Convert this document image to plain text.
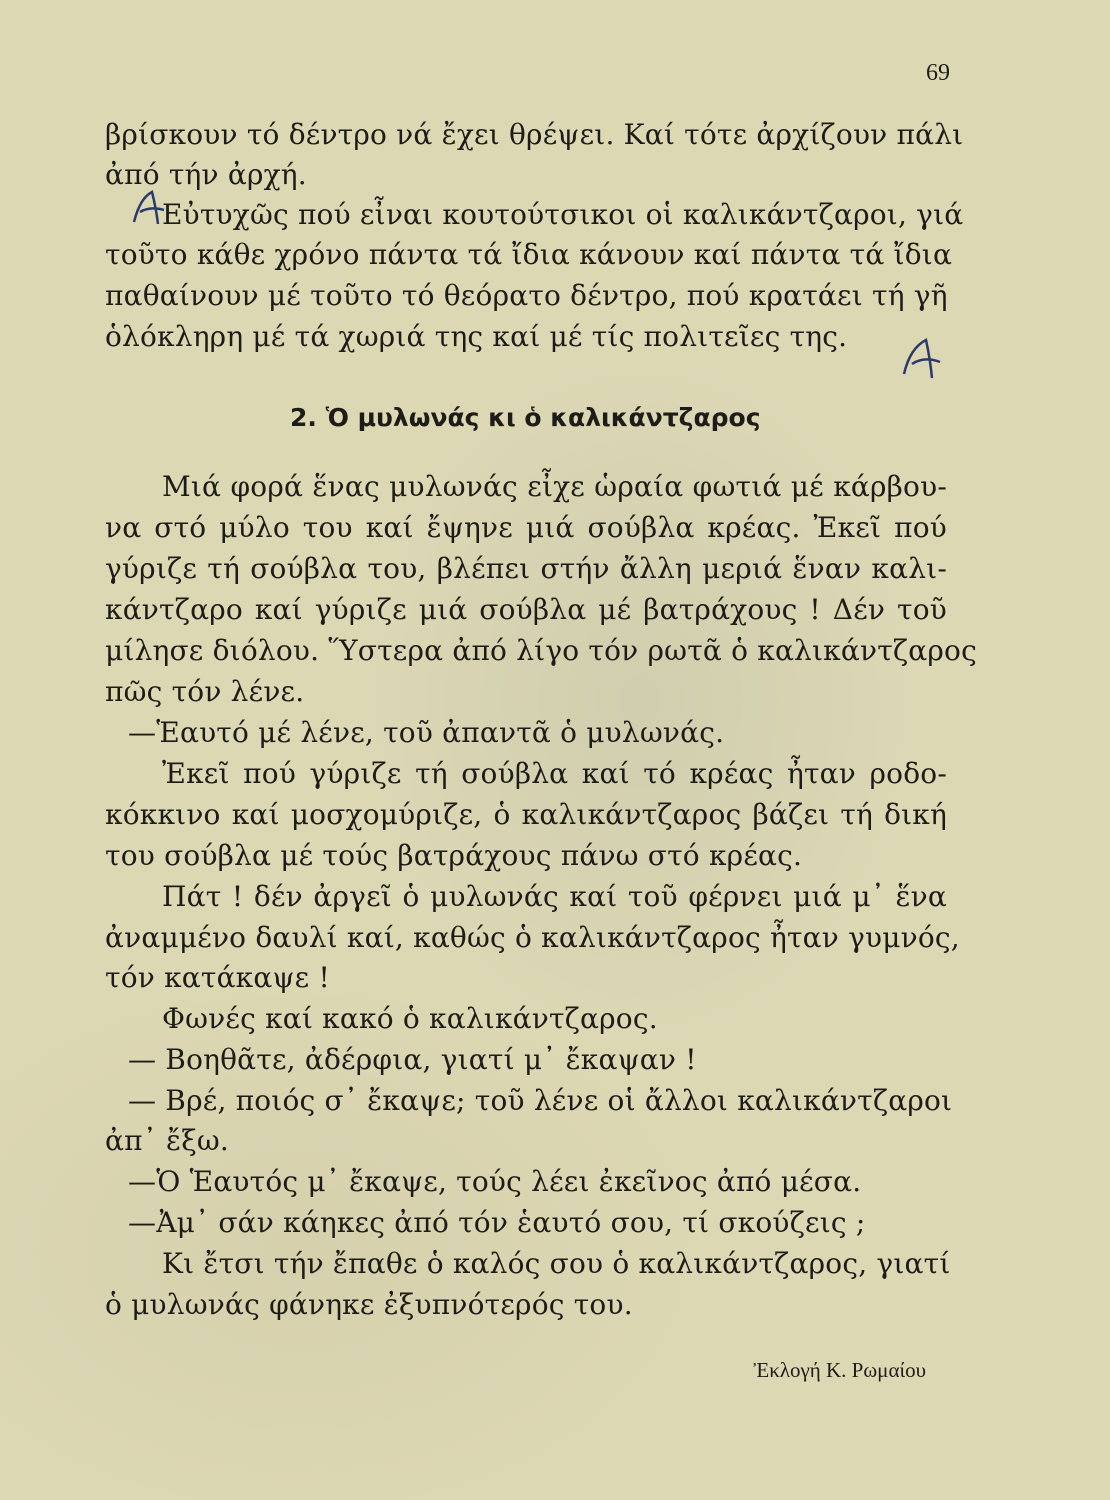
69
βρίσκουν τό δέντρο νά ἔχει θρέψει. Καί τότε ἀρχίζουν πάλι
ἀπό τήν ἀρχή.
Εὐτυχῶς πού εἶναι κουτούτσικοι οἱ καλικάντζαροι, γιά
τοῦτο κάθε χρόνο πάντα τά ἴδια κάνουν καί πάντα τά ἴδια
παθαίνουν μέ τοῦτο τό θεόρατο δέντρο, πού κρατάει τή γῆ
ὁλόκληρη μέ τά χωριά της καί μέ τίς πολιτεῖες της.
2. Ὁ μυλωνάς κι ὁ καλικάντζαρος
Μιά φορά ἕνας μυλωνάς εἶχε ὡραία φωτιά μέ κάρβου-
να στό μύλο του καί ἔψηνε μιά σούβλα κρέας. Ἐκεῖ πού
γύριζε τή σούβλα του, βλέπει στήν ἄλλη μεριά ἕναν καλι-
κάντζαρο καί γύριζε μιά σούβλα μέ βατράχους ! Δέν τοῦ
μίλησε διόλου. Ὕστερα ἀπό λίγο τόν ρωτᾶ ὁ καλικάντζαρος
πῶς τόν λένε.
—Ἑαυτό μέ λένε, τοῦ ἀπαντᾶ ὁ μυλωνάς.
Ἐκεῖ πού γύριζε τή σούβλα καί τό κρέας ἦταν ροδο-
κόκκινο καί μοσχομύριζε, ὁ καλικάντζαρος βάζει τή δική
του σούβλα μέ τούς βατράχους πάνω στό κρέας.
Πάτ ! δέν ἀργεῖ ὁ μυλωνάς καί τοῦ φέρνει μιά μ᾽ ἕνα
ἀναμμένο δαυλί καί, καθώς ὁ καλικάντζαρος ἦταν γυμνός,
τόν κατάκαψε !
Φωνές καί κακό ὁ καλικάντζαρος.
— Βοηθᾶτε, ἀδέρφια, γιατί μ᾽ ἔκαψαν !
— Βρέ, ποιός σ᾽ ἔκαψε; τοῦ λένε οἱ ἄλλοι καλικάντζαροι
ἀπ᾽ ἔξω.
—Ὁ Ἑαυτός μ᾽ ἔκαψε, τούς λέει ἐκεῖνος ἀπό μέσα.
—Ἀμ᾽ σάν κάηκες ἀπό τόν ἑαυτό σου, τί σκούζεις ;
Κι ἔτσι τήν ἔπαθε ὁ καλός σου ὁ καλικάντζαρος, γιατί
ὁ μυλωνάς φάνηκε ἐξυπνότερός του.
Ἐκλογή Κ. Ρωμαίου
